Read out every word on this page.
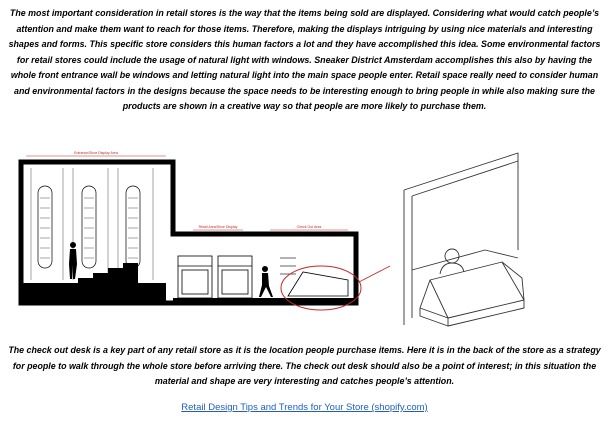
The most important consideration in retail stores is the way that the items being sold are displayed. Considering what would catch people’s attention and make them want to reach for those items. Therefore, making the displays intriguing by using nice materials and interesting shapes and forms. This specific store considers this human factors a lot and they have accomplished this idea. Some environmental factors for retail stores could include the usage of natural light with windows. Sneaker District Amsterdam accomplishes this also by having the whole front entrance wall be windows and letting natural light into the main space people enter. Retail space really need to consider human and environmental factors in the designs because the space needs to be interesting enough to bring people in while also making sure the products are shown in a creative way so that people are more likely to purchase them.

Entrance/Shoe Display Area
Retail Area/Shoe Display	Check Out Area

The check out desk is a key part of any retail store as it is the location people purchase items. Here it is in the back of the store as a strategy for people to walk through the whole store before arriving there. The check out desk should also be a point of interest; in this situation the material and shape are very interesting and catches people’s attention.

Retail Design Tips and Trends for Your Store (shopify.com)
